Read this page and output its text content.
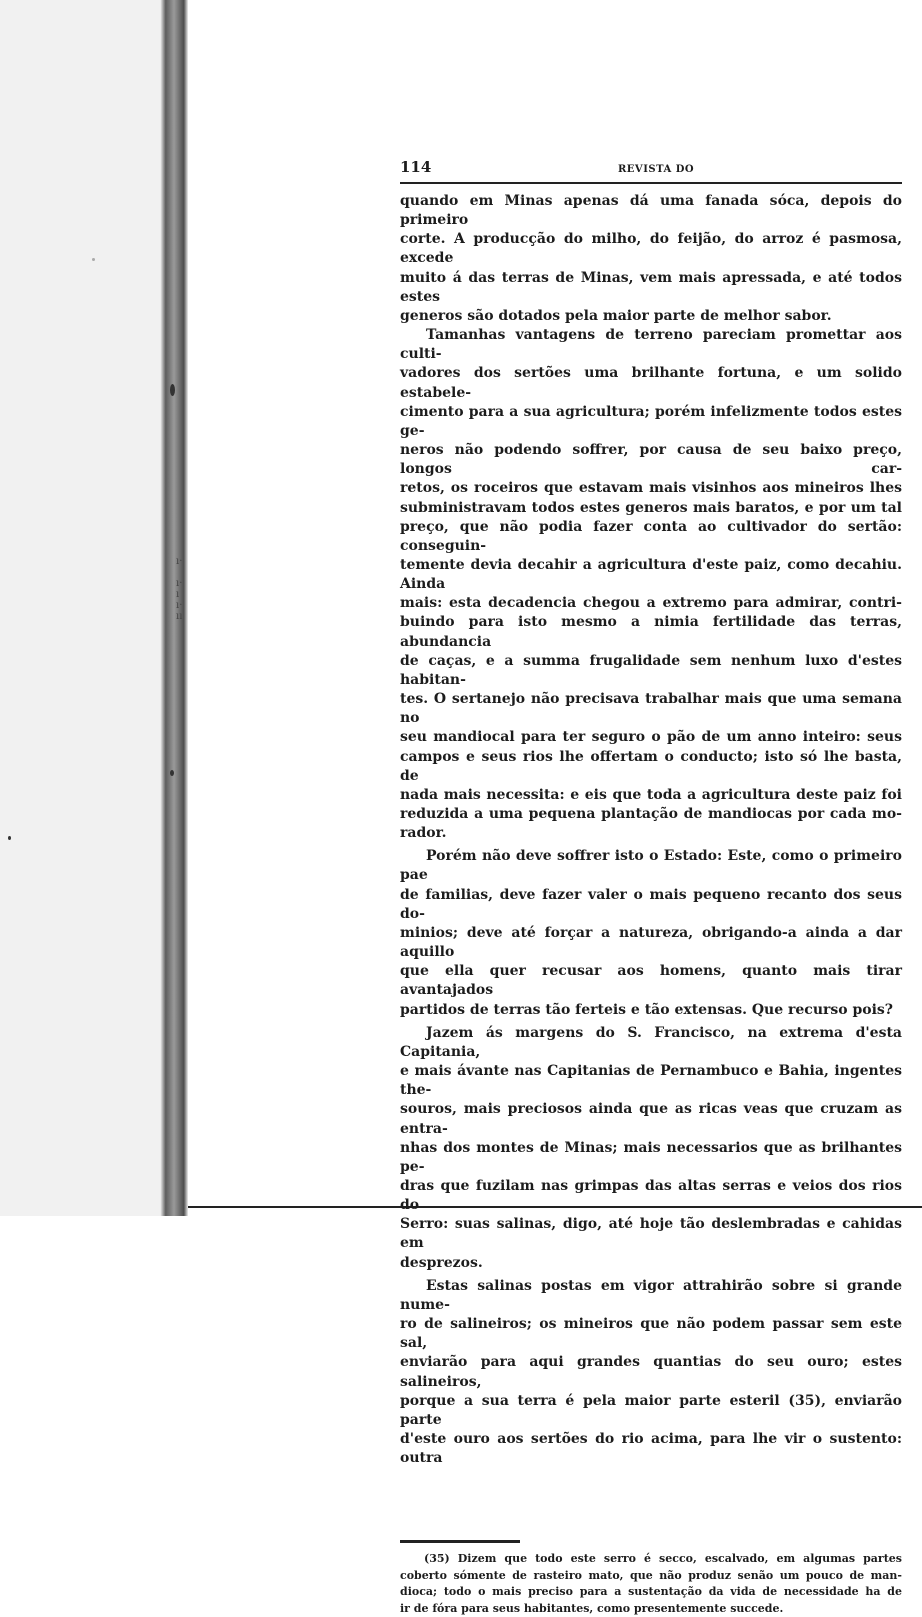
ı·

ı·
ı
ı·
ıı
114	REVISTA DO

quando em Minas apenas dá uma fanada sóca, depois do primeiro

corte. A producção do milho, do feijão, do arroz é pasmosa, excede

muito á das terras de Minas, vem mais apressada, e até todos estes

generos são dotados pela maior parte de melhor sabor.

Tamanhas vantagens de terreno pareciam promettar aos culti-

vadores dos sertões uma brilhante fortuna, e um solido estabele-

cimento para a sua agricultura; porém infelizmente todos estes ge-

neros não podendo soffrer, por causa de seu baixo preço, longos car-

retos, os roceiros que estavam mais visinhos aos mineiros lhes

subministravam todos estes generos mais baratos, e por um tal

preço, que não podia fazer conta ao cultivador do sertão: conseguin-

temente devia decahir a agricultura d'este paiz, como decahiu. Ainda

mais: esta decadencia chegou a extremo para admirar, contri-

buindo para isto mesmo a nimia fertilidade das terras, abundancia

de caças, e a summa frugalidade sem nenhum luxo d'estes habitan-

tes. O sertanejo não precisava trabalhar mais que uma semana no

seu mandiocal para ter seguro o pão de um anno inteiro: seus

campos e seus rios lhe offertam o conducto; isto só lhe basta, de

nada mais necessita: e eis que toda a agricultura deste paiz foi

reduzida a uma pequena plantação de mandiocas por cada mo-

rador.

Porém não deve soffrer isto o Estado: Este, como o primeiro pae

de familias, deve fazer valer o mais pequeno recanto dos seus do-

minios; deve até forçar a natureza, obrigando-a ainda a dar aquillo

que ella quer recusar aos homens, quanto mais tirar avantajados

partidos de terras tão ferteis e tão extensas. Que recurso pois?

Jazem ás margens do S. Francisco, na extrema d'esta Capitania,

e mais ávante nas Capitanias de Pernambuco e Bahia, ingentes the-

souros, mais preciosos ainda que as ricas veas que cruzam as entra-

nhas dos montes de Minas; mais necessarios que as brilhantes pe-

dras que fuzilam nas grimpas das altas serras e veios dos rios do

Serro: suas salinas, digo, até hoje tão deslembradas e cahidas em

desprezos.

Estas salinas postas em vigor attrahirão sobre si grande nume-

ro de salineiros; os mineiros que não podem passar sem este sal,

enviarão para aqui grandes quantias do seu ouro; estes salineiros,

porque a sua terra é pela maior parte esteril (35), enviarão parte

d'este ouro aos sertões do rio acima, para lhe vir o sustento: outra

(35) Dizem que todo este serro é secco, escalvado, em algumas partes

coberto sómente de rasteiro mato, que não produz senão um pouco de man-

dioca; todo o mais preciso para a sustentação da vida de necessidade ha de

ir de fóra para seus habitantes, como presentemente succede.
